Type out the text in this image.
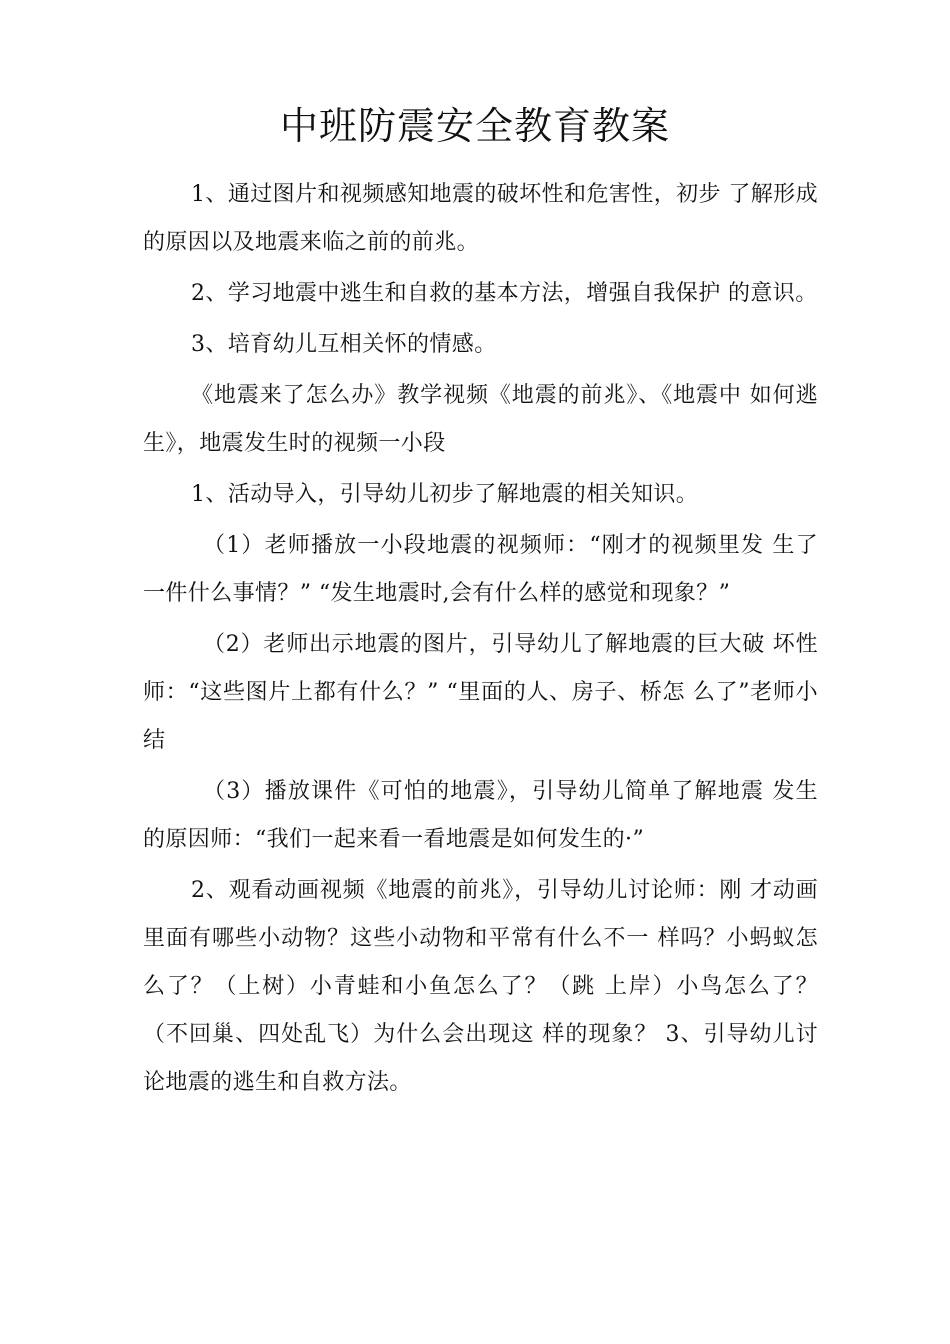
中班防震安全教育教案

1、通过图片和视频感知地震的破坏性和危害性，初步 了解形成的原因以及地震来临之前的前兆。

2、学习地震中逃生和自救的基本方法，增强自我保护 的意识。

3、培育幼儿互相关怀的情感。

《地震来了怎么办》教学视频《地震的前兆》、《地震中 如何逃生》，地震发生时的视频一小段

1、活动导入，引导幼儿初步了解地震的相关知识。

（1）老师播放一小段地震的视频师：“刚才的视频里发 生了一件什么事情？” “发生地震时,会有什么样的感觉和现象？”

（2）老师出示地震的图片，引导幼儿了解地震的巨大破 坏性师：“这些图片上都有什么？” “里面的人、房子、桥怎 么了”老师小结

（3）播放课件《可怕的地震》，引导幼儿简单了解地震 发生的原因师：“我们一起来看一看地震是如何发生的·”

2、观看动画视频《地震的前兆》，引导幼儿讨论师：刚 才动画里面有哪些小动物？这些小动物和平常有什么不一 样吗？小蚂蚁怎么了？（上树）小青蛙和小鱼怎么了？（跳 上岸）小鸟怎么了？（不回巢、四处乱飞）为什么会出现这 样的现象？ 3、引导幼儿讨论地震的逃生和自救方法。
